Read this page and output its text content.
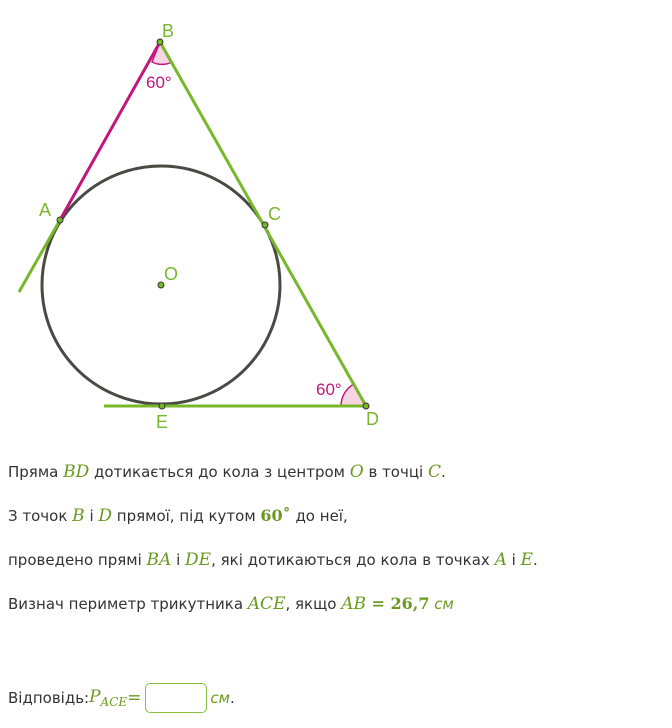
B
A	C
O
E	D
60°
60°
Пряма BD дотикається до кола з центром O в точці C.
З точок B і D прямої, під кутом 60˚ до неї,
проведено прямі BA і DE, які дотикаються до кола в точках A і E.
Визнач периметр трикутника ACE, якщо AB = 26,7 см
Відповідь: $P_{ACE}$ =	см .
